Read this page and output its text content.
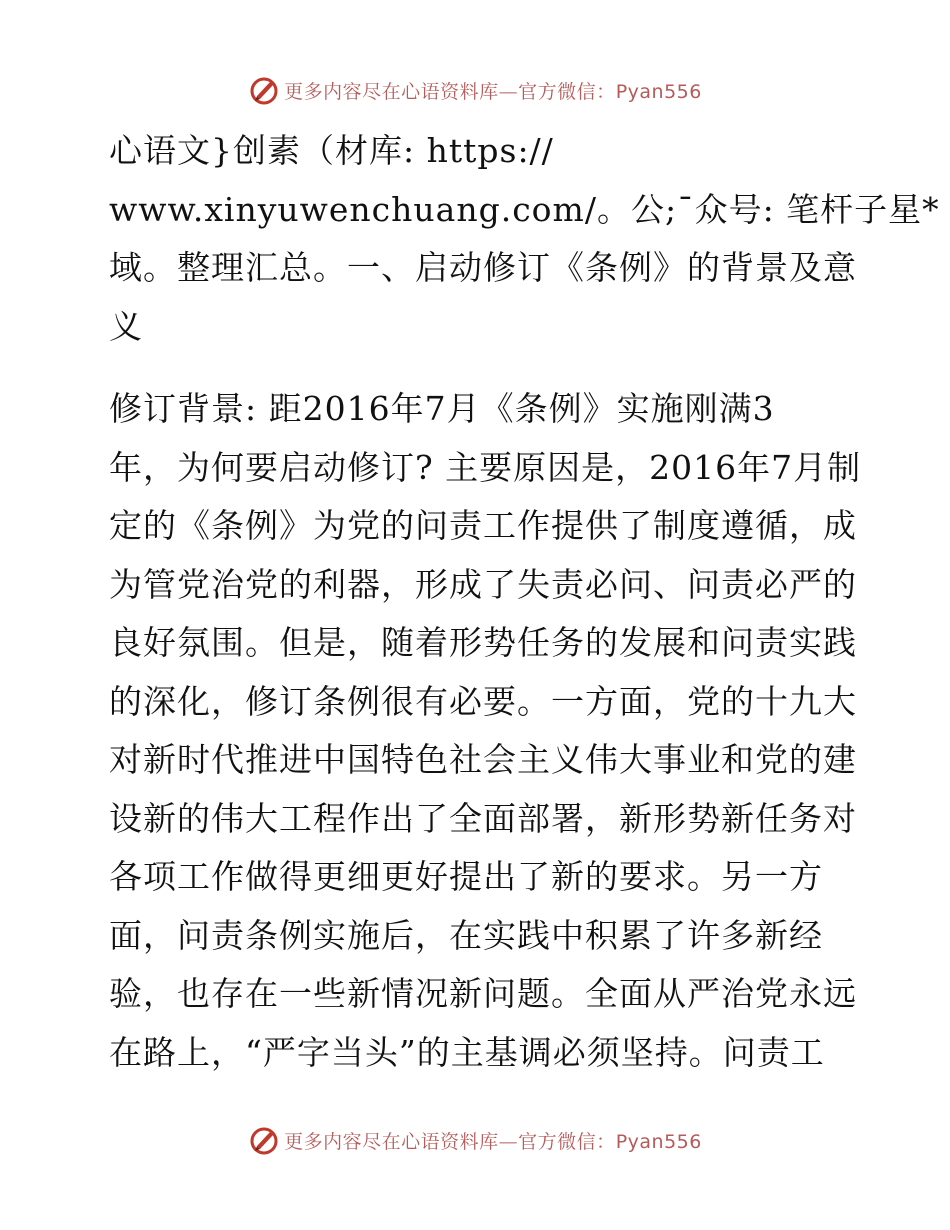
更多内容尽在心语资料库—官方微信：Pyan556

心语文}创素（材库: https://
www.xinyuwenchuang.com/。公;¯众号: 笔杆子星*
域。整理汇总。一、启动修订《条例》的背景及意
义

修订背景: 距2016年7月《条例》实施刚满3
年，为何要启动修订? 主要原因是，2016年7月制
定的《条例》为党的问责工作提供了制度遵循，成
为管党治党的利器，形成了失责必问、问责必严的
良好氛围。但是，随着形势任务的发展和问责实践
的深化，修订条例很有必要。一方面，党的十九大
对新时代推进中国特色社会主义伟大事业和党的建
设新的伟大工程作出了全面部署，新形势新任务对
各项工作做得更细更好提出了新的要求。另一方
面，问责条例实施后，在实践中积累了许多新经
验，也存在一些新情况新问题。全面从严治党永远
在路上，“严字当头”的主基调必须坚持。问责工

更多内容尽在心语资料库—官方微信：Pyan556
